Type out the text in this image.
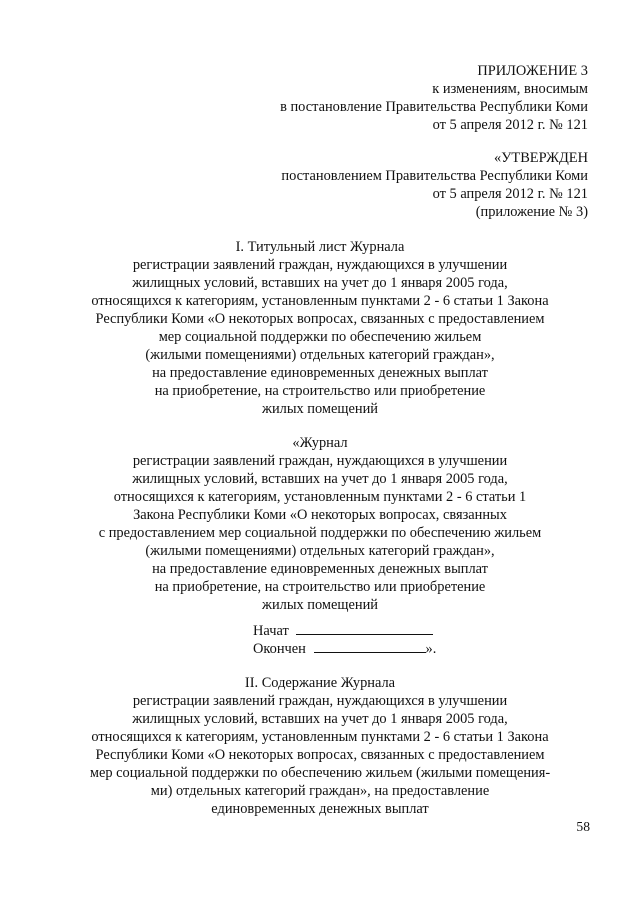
ПРИЛОЖЕНИЕ 3
к изменениям, вносимым
в постановление Правительства Республики Коми
от 5 апреля 2012 г. № 121
«УТВЕРЖДЕН
постановлением Правительства Республики Коми
от 5 апреля 2012 г. № 121
(приложение № 3)
I. Титульный лист Журнала
регистрации заявлений граждан, нуждающихся в улучшении
жилищных условий, вставших на учет до 1 января 2005 года,
относящихся к категориям, установленным пунктами 2 - 6 статьи 1 Закона
Республики Коми «О некоторых вопросах, связанных с предоставлением
мер социальной поддержки по обеспечению жильем
(жилыми помещениями) отдельных категорий граждан»,
на предоставление единовременных денежных выплат
на приобретение, на строительство или приобретение
жилых помещений
«Журнал
регистрации заявлений граждан, нуждающихся в улучшении
жилищных условий, вставших на учет до 1 января 2005 года,
относящихся к категориям, установленным пунктами 2 - 6 статьи 1
Закона Республики Коми «О некоторых вопросах, связанных
с предоставлением мер социальной поддержки по обеспечению жильем
(жилыми помещениями) отдельных категорий граждан»,
на предоставление единовременных денежных выплат
на приобретение, на строительство или приобретение
жилых помещений
Начат
Окончен	».
II. Содержание Журнала
регистрации заявлений граждан, нуждающихся в улучшении
жилищных условий, вставших на учет до 1 января 2005 года,
относящихся к категориям, установленным пунктами 2 - 6 статьи 1 Закона
Республики Коми «О некоторых вопросах, связанных с предоставлением
мер социальной поддержки по обеспечению жильем (жилыми помещения-
ми) отдельных категорий граждан», на предоставление
единовременных денежных выплат
58
